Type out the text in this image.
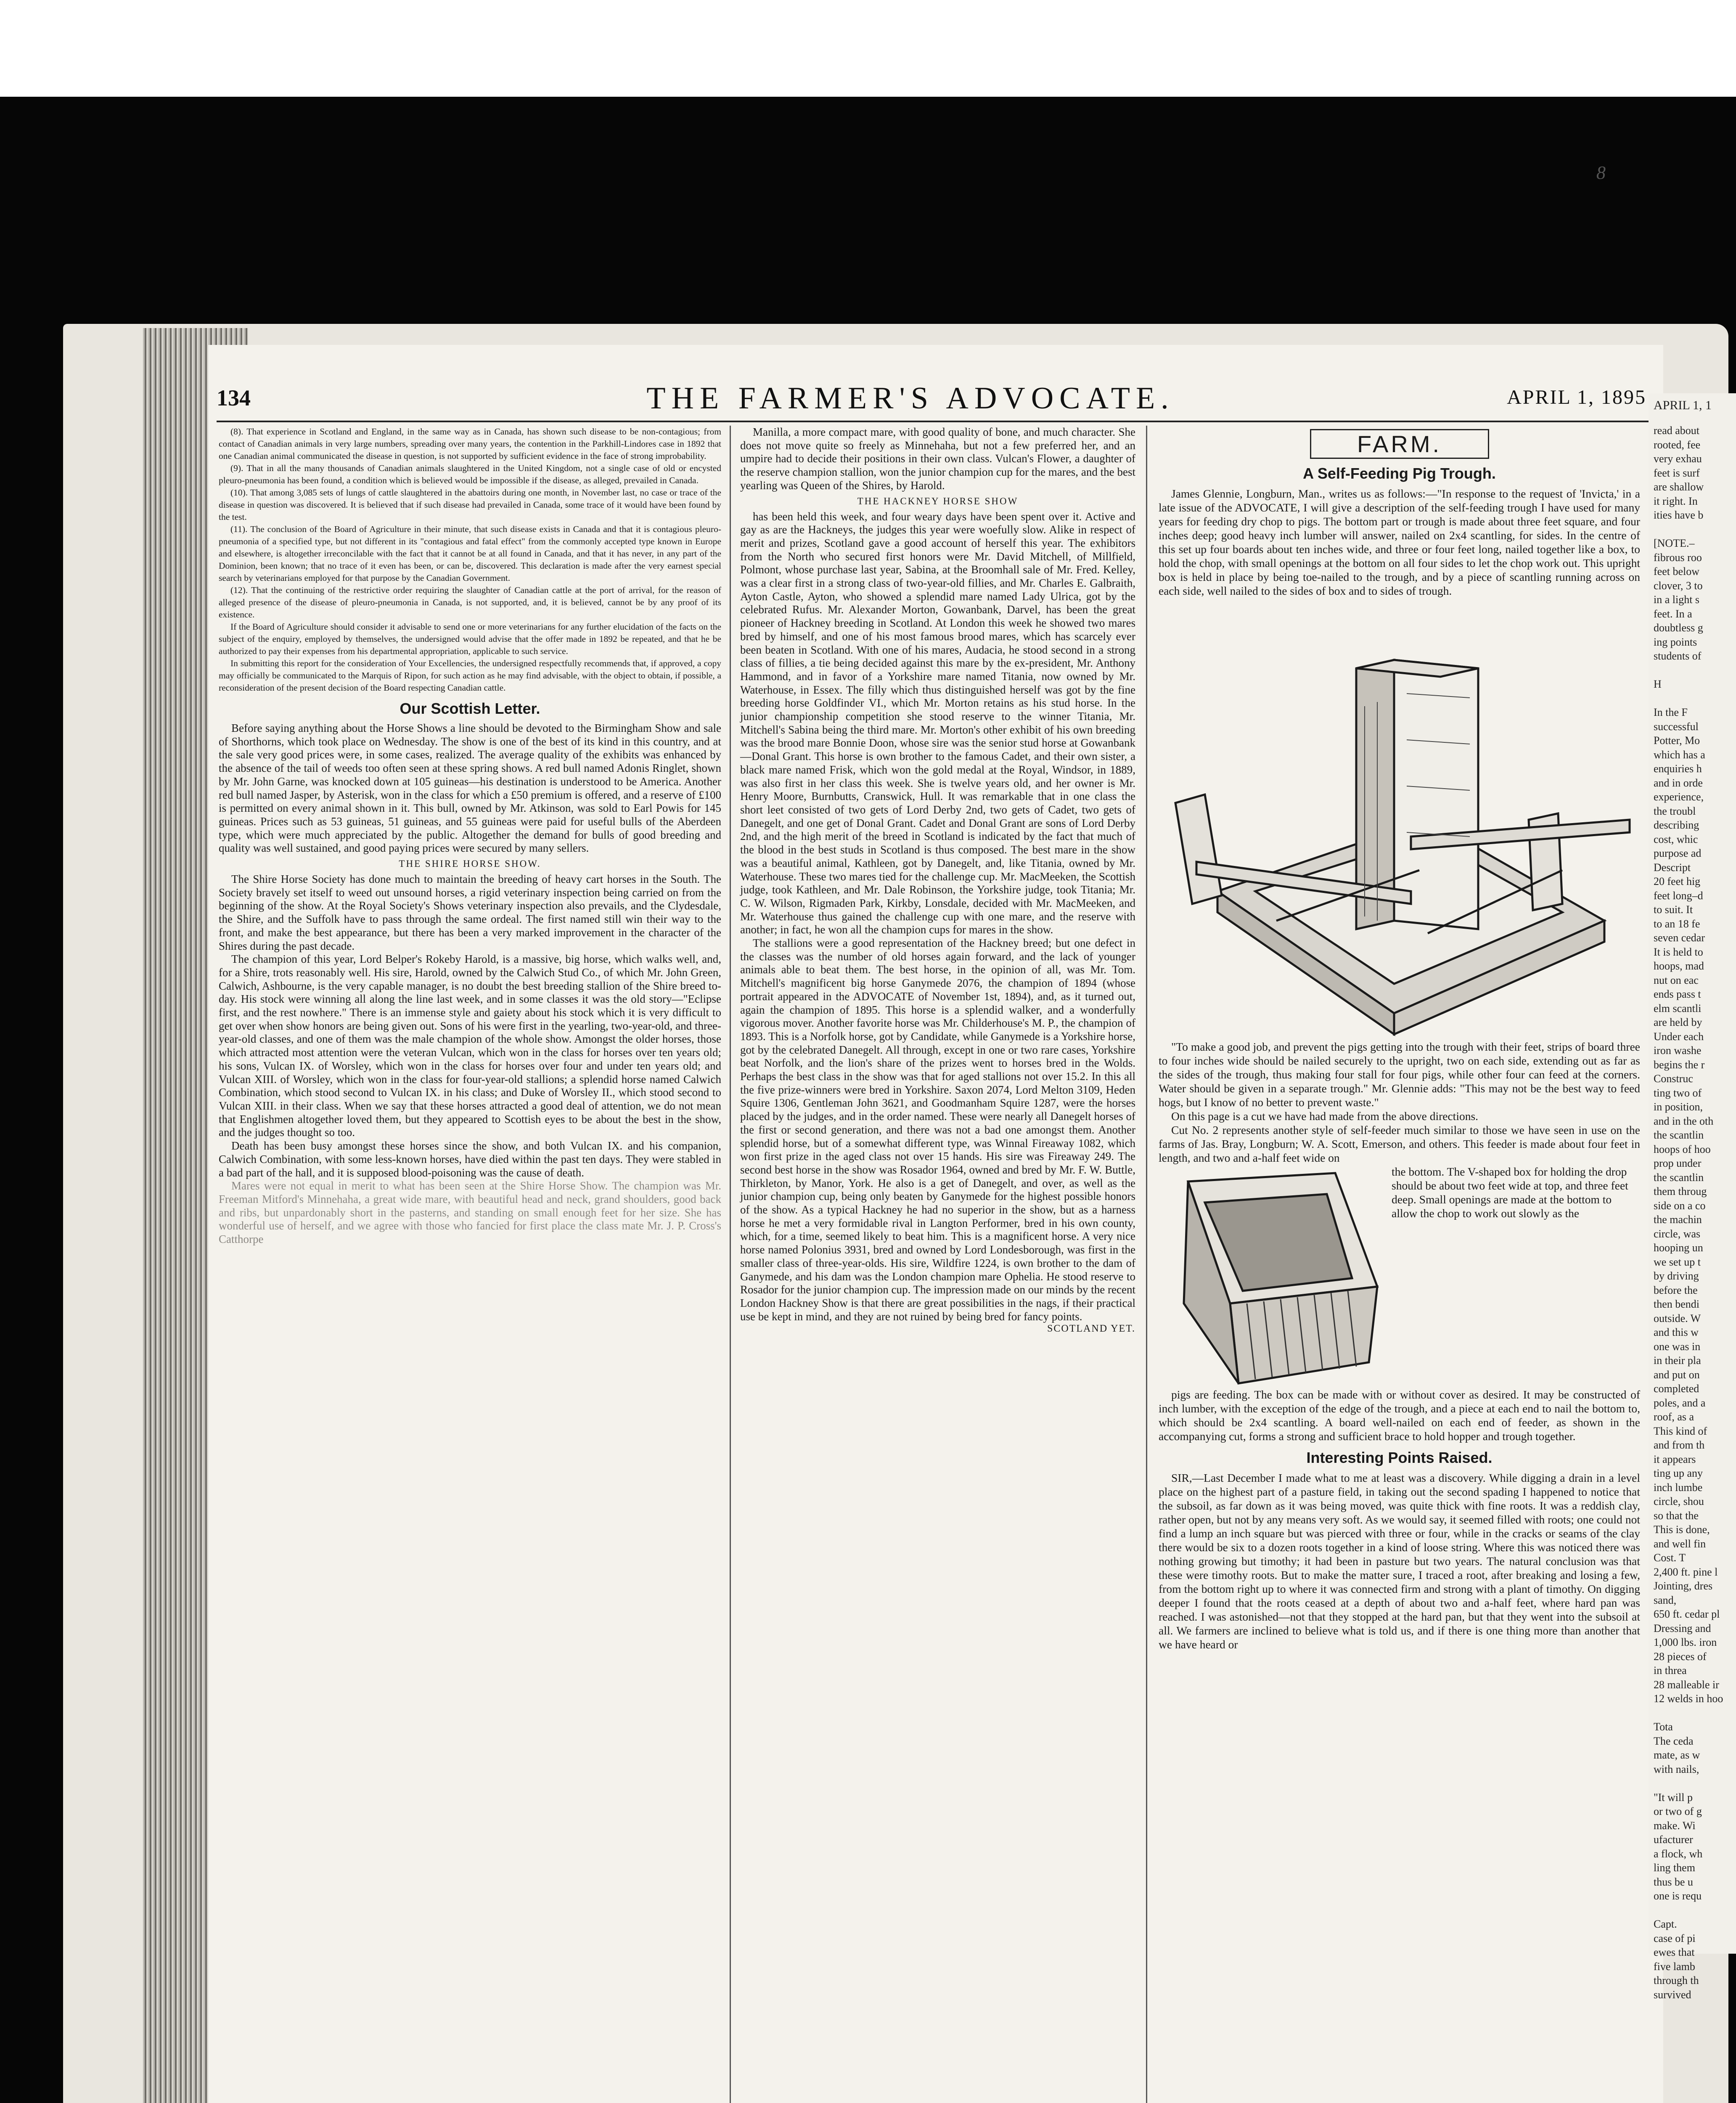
8
134	THE FARMER'S ADVOCATE.	APRIL 1, 1895

(8). That experience in Scotland and England, in the same way as in Canada, has shown such disease to be non-contagious; from contact of Canadian animals in very large numbers, spreading over many years, the contention in the Parkhill-Lindores case in 1892 that one Canadian animal communicated the disease in question, is not supported by sufficient evidence in the face of strong improbability.

(9). That in all the many thousands of Canadian animals slaughtered in the United Kingdom, not a single case of old or encysted pleuro-pneumonia has been found, a condition which is believed would be impossible if the disease, as alleged, prevailed in Canada.

(10). That among 3,085 sets of lungs of cattle slaughtered in the abattoirs during one month, in November last, no case or trace of the disease in question was discovered. It is believed that if such disease had prevailed in Canada, some trace of it would have been found by the test.

(11). The conclusion of the Board of Agriculture in their minute, that such disease exists in Canada and that it is contagious pleuro-pneumonia of a specified type, but not different in its "contagious and fatal effect" from the commonly accepted type known in Europe and elsewhere, is altogether irreconcilable with the fact that it cannot be at all found in Canada, and that it has never, in any part of the Dominion, been known; that no trace of it even has been, or can be, discovered. This declaration is made after the very earnest special search by veterinarians employed for that purpose by the Canadian Government.

(12). That the continuing of the restrictive order requiring the slaughter of Canadian cattle at the port of arrival, for the reason of alleged presence of the disease of pleuro-pneumonia in Canada, is not supported, and, it is believed, cannot be by any proof of its existence.

If the Board of Agriculture should consider it advisable to send one or more veterinarians for any further elucidation of the facts on the subject of the enquiry, employed by themselves, the undersigned would advise that the offer made in 1892 be repeated, and that he be authorized to pay their expenses from his departmental appropriation, applicable to such service.

In submitting this report for the consideration of Your Excellencies, the undersigned respectfully recommends that, if approved, a copy may officially be communicated to the Marquis of Ripon, for such action as he may find advisable, with the object to obtain, if possible, a reconsideration of the present decision of the Board respecting Canadian cattle.

Our Scottish Letter.

Before saying anything about the Horse Shows a line should be devoted to the Birmingham Show and sale of Shorthorns, which took place on Wednesday. The show is one of the best of its kind in this country, and at the sale very good prices were, in some cases, realized. The average quality of the exhibits was enhanced by the absence of the tail of weeds too often seen at these spring shows. A red bull named Adonis Ringlet, shown by Mr. John Garne, was knocked down at 105 guineas—his destination is understood to be America. Another red bull named Jasper, by Asterisk, won in the class for which a £50 premium is offered, and a reserve of £100 is permitted on every animal shown in it. This bull, owned by Mr. Atkinson, was sold to Earl Powis for 145 guineas. Prices such as 53 guineas, 51 guineas, and 55 guineas were paid for useful bulls of the Aberdeen type, which were much appreciated by the public. Altogether the demand for bulls of good breeding and quality was well sustained, and good paying prices were secured by many sellers.

THE SHIRE HORSE SHOW.

The Shire Horse Society has done much to maintain the breeding of heavy cart horses in the South. The Society bravely set itself to weed out unsound horses, a rigid veterinary inspection being carried on from the beginning of the show. At the Royal Society's Shows veterinary inspection also prevails, and the Clydesdale, the Shire, and the Suffolk have to pass through the same ordeal. The first named still win their way to the front, and make the best appearance, but there has been a very marked improvement in the character of the Shires during the past decade.

The champion of this year, Lord Belper's Rokeby Harold, is a massive, big horse, which walks well, and, for a Shire, trots reasonably well. His sire, Harold, owned by the Calwich Stud Co., of which Mr. John Green, Calwich, Ashbourne, is the very capable manager, is no doubt the best breeding stallion of the Shire breed to-day. His stock were winning all along the line last week, and in some classes it was the old story—"Eclipse first, and the rest nowhere." There is an immense style and gaiety about his stock which it is very difficult to get over when show honors are being given out. Sons of his were first in the yearling, two-year-old, and three-year-old classes, and one of them was the male champion of the whole show. Amongst the older horses, those which attracted most attention were the veteran Vulcan, which won in the class for horses over ten years old; his sons, Vulcan IX. of Worsley, which won in the class for horses over four and under ten years old; and Vulcan XIII. of Worsley, which won in the class for four-year-old stallions; a splendid horse named Calwich Combination, which stood second to Vulcan IX. in his class; and Duke of Worsley II., which stood second to Vulcan XIII. in their class. When we say that these horses attracted a good deal of attention, we do not mean that Englishmen altogether loved them, but they appeared to Scottish eyes to be about the best in the show, and the judges thought so too.

Death has been busy amongst these horses since the show, and both Vulcan IX. and his companion, Calwich Combination, with some less-known horses, have died within the past ten days. They were stabled in a bad part of the hall, and it is supposed blood-poisoning was the cause of death.

Mares were not equal in merit to what has been seen at the Shire Horse Show. The champion was Mr. Freeman Mitford's Minnehaha, a great wide mare, with beautiful head and neck, grand shoulders, good back and ribs, but unpardonably short in the pasterns, and standing on small enough feet for her size. She has wonderful use of herself, and we agree with those who fancied for first place the class mate Mr. J. P. Cross's Catthorpe

Manilla, a more compact mare, with good quality of bone, and much character. She does not move quite so freely as Minnehaha, but not a few preferred her, and an umpire had to decide their positions in their own class. Vulcan's Flower, a daughter of the reserve champion stallion, won the junior champion cup for the mares, and the best yearling was Queen of the Shires, by Harold.

THE HACKNEY HORSE SHOW

has been held this week, and four weary days have been spent over it. Active and gay as are the Hackneys, the judges this year were woefully slow. Alike in respect of merit and prizes, Scotland gave a good account of herself this year. The exhibitors from the North who secured first honors were Mr. David Mitchell, of Millfield, Polmont, whose purchase last year, Sabina, at the Broomhall sale of Mr. Fred. Kelley, was a clear first in a strong class of two-year-old fillies, and Mr. Charles E. Galbraith, Ayton Castle, Ayton, who showed a splendid mare named Lady Ulrica, got by the celebrated Rufus. Mr. Alexander Morton, Gowanbank, Darvel, has been the great pioneer of Hackney breeding in Scotland. At London this week he showed two mares bred by himself, and one of his most famous brood mares, which has scarcely ever been beaten in Scotland. With one of his mares, Audacia, he stood second in a strong class of fillies, a tie being decided against this mare by the ex-president, Mr. Anthony Hammond, and in favor of a Yorkshire mare named Titania, now owned by Mr. Waterhouse, in Essex. The filly which thus distinguished herself was got by the fine breeding horse Goldfinder VI., which Mr. Morton retains as his stud horse. In the junior championship competition she stood reserve to the winner Titania, Mr. Mitchell's Sabina being the third mare. Mr. Morton's other exhibit of his own breeding was the brood mare Bonnie Doon, whose sire was the senior stud horse at Gowanbank—Donal Grant. This horse is own brother to the famous Cadet, and their own sister, a black mare named Frisk, which won the gold medal at the Royal, Windsor, in 1889, was also first in her class this week. She is twelve years old, and her owner is Mr. Henry Moore, Burnbutts, Cranswick, Hull. It was remarkable that in one class the short leet consisted of two gets of Lord Derby 2nd, two gets of Cadet, two gets of Danegelt, and one get of Donal Grant. Cadet and Donal Grant are sons of Lord Derby 2nd, and the high merit of the breed in Scotland is indicated by the fact that much of the blood in the best studs in Scotland is thus composed. The best mare in the show was a beautiful animal, Kathleen, got by Danegelt, and, like Titania, owned by Mr. Waterhouse. These two mares tied for the challenge cup. Mr. MacMeeken, the Scottish judge, took Kathleen, and Mr. Dale Robinson, the Yorkshire judge, took Titania; Mr. C. W. Wilson, Rigmaden Park, Kirkby, Lonsdale, decided with Mr. MacMeeken, and Mr. Waterhouse thus gained the challenge cup with one mare, and the reserve with another; in fact, he won all the champion cups for mares in the show.

The stallions were a good representation of the Hackney breed; but one defect in the classes was the number of old horses again forward, and the lack of younger animals able to beat them. The best horse, in the opinion of all, was Mr. Tom. Mitchell's magnificent big horse Ganymede 2076, the champion of 1894 (whose portrait appeared in the ADVOCATE of November 1st, 1894), and, as it turned out, again the champion of 1895. This horse is a splendid walker, and a wonderfully vigorous mover. Another favorite horse was Mr. Childerhouse's M. P., the champion of 1893. This is a Norfolk horse, got by Candidate, while Ganymede is a Yorkshire horse, got by the celebrated Danegelt. All through, except in one or two rare cases, Yorkshire beat Norfolk, and the lion's share of the prizes went to horses bred in the Wolds. Perhaps the best class in the show was that for aged stallions not over 15.2. In this all the five prize-winners were bred in Yorkshire. Saxon 2074, Lord Melton 3109, Heden Squire 1306, Gentleman John 3621, and Goodmanham Squire 1287, were the horses placed by the judges, and in the order named. These were nearly all Danegelt horses of the first or second generation, and there was not a bad one amongst them. Another splendid horse, but of a somewhat different type, was Winnal Fireaway 1082, which won first prize in the aged class not over 15 hands. His sire was Fireaway 249. The second best horse in the show was Rosador 1964, owned and bred by Mr. F. W. Buttle, Thirkleton, by Manor, York. He also is a get of Danegelt, and over, as well as the junior champion cup, being only beaten by Ganymede for the highest possible honors of the show. As a typical Hackney he had no superior in the show, but as a harness horse he met a very formidable rival in Langton Performer, bred in his own county, which, for a time, seemed likely to beat him. This is a magnificent horse. A very nice horse named Polonius 3931, bred and owned by Lord Londesborough, was first in the smaller class of three-year-olds. His sire, Wildfire 1224, is own brother to the dam of Ganymede, and his dam was the London champion mare Ophelia. He stood reserve to Rosador for the junior champion cup. The impression made on our minds by the recent London Hackney Show is that there are great possibilities in the nags, if their practical use be kept in mind, and they are not ruined by being bred for fancy points.

SCOTLAND YET.

FARM.
A Self-Feeding Pig Trough.

James Glennie, Longburn, Man., writes us as follows:—"In response to the request of 'Invicta,' in a late issue of the ADVOCATE, I will give a description of the self-feeding trough I have used for many years for feeding dry chop to pigs. The bottom part or trough is made about three feet square, and four inches deep; good heavy inch lumber will answer, nailed on 2x4 scantling, for sides. In the centre of this set up four boards about ten inches wide, and three or four feet long, nailed together like a box, to hold the chop, with small openings at the bottom on all four sides to let the chop work out. This upright box is held in place by being toe-nailed to the trough, and by a piece of scantling running across on each side, well nailed to the sides of box and to sides of trough.

"To make a good job, and prevent the pigs getting into the trough with their feet, strips of board three to four inches wide should be nailed securely to the upright, two on each side, extending out as far as the sides of the trough, thus making four stall for four pigs, while other four can feed at the corners. Water should be given in a separate trough." Mr. Glennie adds: "This may not be the best way to feed hogs, but I know of no better to prevent waste."

On this page is a cut we have had made from the above directions.

Cut No. 2 represents another style of self-feeder much similar to those we have seen in use on the farms of Jas. Bray, Longburn; W. A. Scott, Emerson, and others. This feeder is made about four feet in length, and two and a-half feet wide on

the bottom. The V-shaped box for holding the drop should be about two feet wide at top, and three feet deep. Small openings are made at the bottom to allow the chop to work out slowly as the

pigs are feeding. The box can be made with or without cover as desired. It may be constructed of inch lumber, with the exception of the edge of the trough, and a piece at each end to nail the bottom to, which should be 2x4 scantling. A board well-nailed on each end of feeder, as shown in the accompanying cut, forms a strong and sufficient brace to hold hopper and trough together.

Interesting Points Raised.

SIR,—Last December I made what to me at least was a discovery. While digging a drain in a level place on the highest part of a pasture field, in taking out the second spading I happened to notice that the subsoil, as far down as it was being moved, was quite thick with fine roots. It was a reddish clay, rather open, but not by any means very soft. As we would say, it seemed filled with roots; one could not find a lump an inch square but was pierced with three or four, while in the cracks or seams of the clay there would be six to a dozen roots together in a kind of loose string. Where this was noticed there was nothing growing but timothy; it had been in pasture but two years. The natural conclusion was that these were timothy roots. But to make the matter sure, I traced a root, after breaking and losing a few, from the bottom right up to where it was connected firm and strong with a plant of timothy. On digging deeper I found that the roots ceased at a depth of about two and a-half feet, where hard pan was reached. I was astonished—not that they stopped at the hard pan, but that they went into the subsoil at all. We farmers are inclined to believe what is told us, and if there is one thing more than another that we have heard or

APRIL 1, 1
read about
rooted, fee
very exhau
feet is surf
are shallow
it right. In
ities have b
[NOTE.–
fibrous roo
feet below
clover, 3 to
in a light s
feet. In a
doubtless g
ing points
students of
H
In the F
successful
Potter, Mo
which has a
enquiries h
and in orde
experience,
the troubl
describing
cost, whic
purpose ad
Descript
20 feet hig
feet long–d
to suit. It
to an 18 fe
seven cedar
It is held to
hoops, mad
nut on eac
ends pass t
elm scantli
are held by
Under each
iron washe
begins the r
Construc
ting two of
in position,
and in the oth
the scantlin
hoops of hoo
prop under
the scantlin
them throug
side on a co
the machin
circle, was
hooping un
we set up t
by driving
before the
then bendi
outside. W
and this w
one was in
in their pla
and put on
completed
poles, and a
roof, as a
This kind of
and from th
it appears
ting up any
inch lumbe
circle, shou
so that the
This is done,
and well fin
Cost. T
2,400 ft. pine l
Jointing, dres
sand,
650 ft. cedar pl
Dressing and
1,000 lbs. iron
28 pieces of
in threa
28 malleable ir
12 welds in hoo
Tota
The ceda
mate, as w
with nails,
"It will p
or two of g
make. Wi
ufacturer
a flock, wh
ling them
thus be u
one is requ
Capt.
case of pi
ewes that
five lamb
through th
survived
